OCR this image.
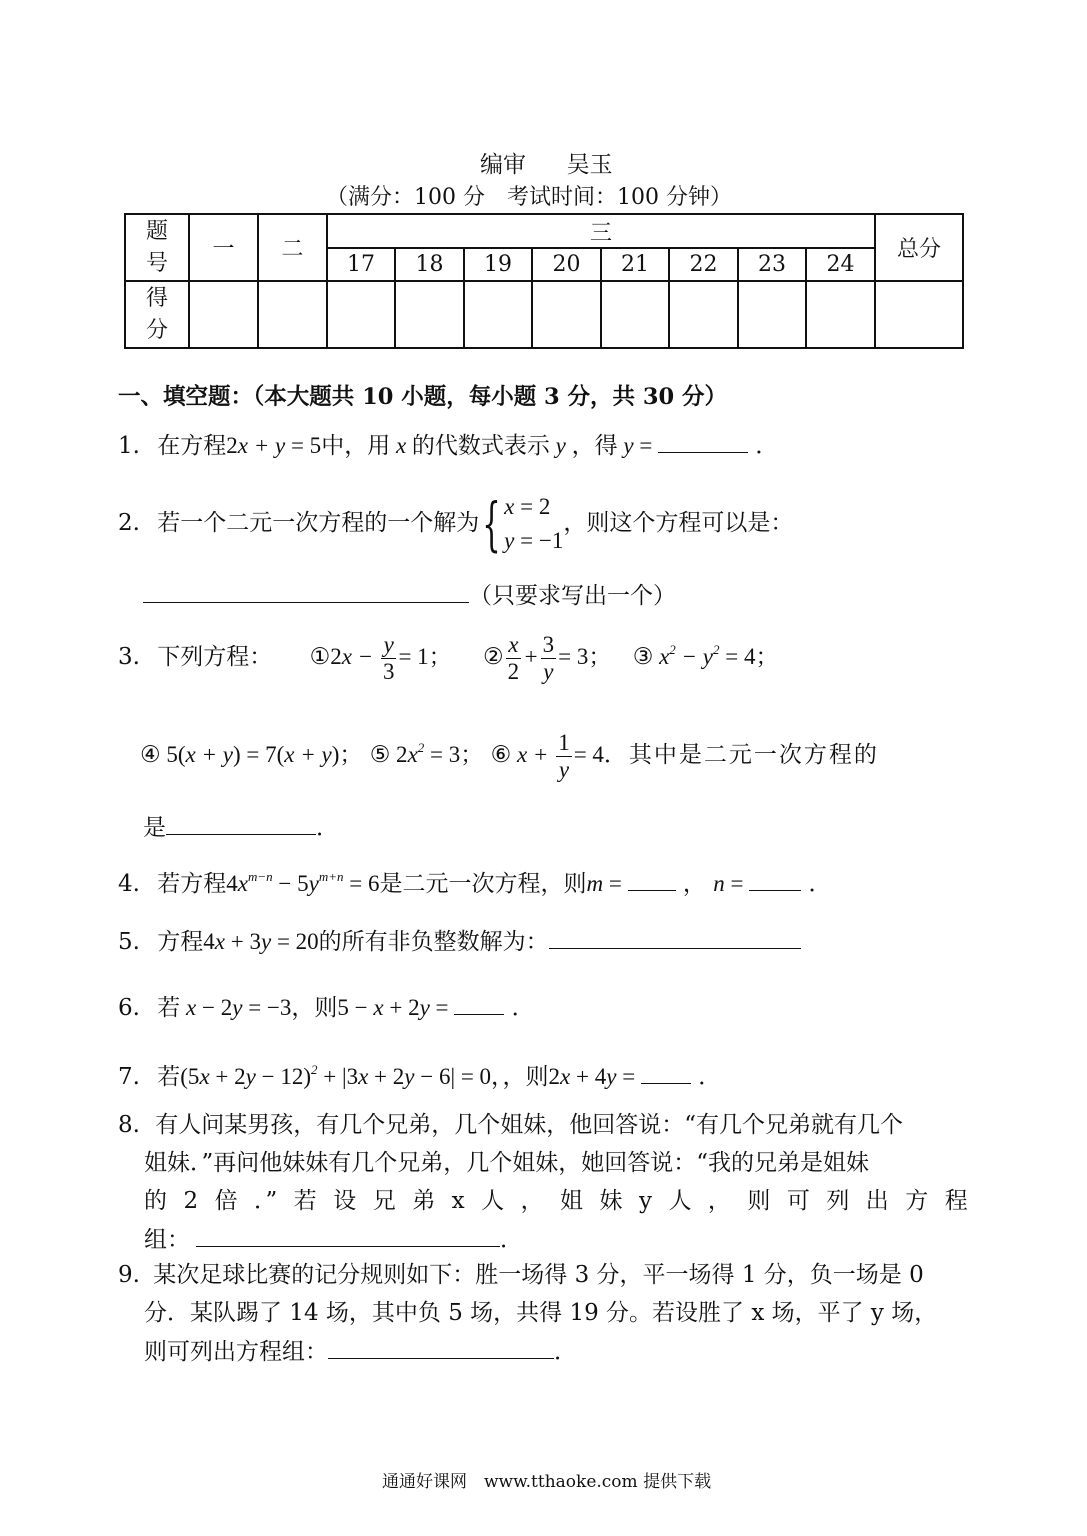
编审 吴玉
（满分：100 分　考试时间：100 分钟）
题号	一	二	三								总分
			17	18	19	20	21	22	23	24	
得分											
一、填空题：（本大题共 10 小题，每小题 3 分，共 30 分）
1. 在方程2x + y = 5中，用 x 的代数式表示 y ，得 y =	．
2. 若一个二元一次方程的一个解为{ x = 2
y = −1，则这个方程可以是：
（只要求写出一个）
3. 下列方程： ①2x − $\frac{y}{3} = 1$； ② $\frac{x}{2} + \frac{3}{y} = 3$； ③ $x^2 - y^2 = 4$；
④ 5(x + y) = 7(x + y)； ⑤ $2x^2 = 3$； ⑥ $x + \frac{1}{y} = 4$．其中是二元一次方程的
是	．
4. 若方程$4x^{m-n} - 5y^{m+n} = 6$是二元一次方程，则m =  ， n =	．
5. 方程4x + 3y = 20的所有非负整数解为：
6. 若 x − 2y = −3，则5 − x + 2y =  ．
7. 若$(5x + 2y - 12)^2 + |3x + 2y - 6| = 0$，，则2x + 4y =  ．
8. 有人问某男孩，有几个兄弟，几个姐妹，他回答说：“有几个兄弟就有几个
姐妹．”再问他妹妹有几个兄弟，几个姐妹，她回答说：“我的兄弟是姐妹
的 2 倍 ．” 若 设 兄 弟 x 人 ， 姐 妹 y 人 ， 则 可 列 出 方 程
组：	．
9. 某次足球比赛的记分规则如下：胜一场得 3 分，平一场得 1 分，负一场是 0
分．某队踢了 14 场，其中负 5 场，共得 19 分。若设胜了 x 场，平了 y 场，
则可列出方程组：	．
通通好课网　www.tthaoke.com 提供下载
